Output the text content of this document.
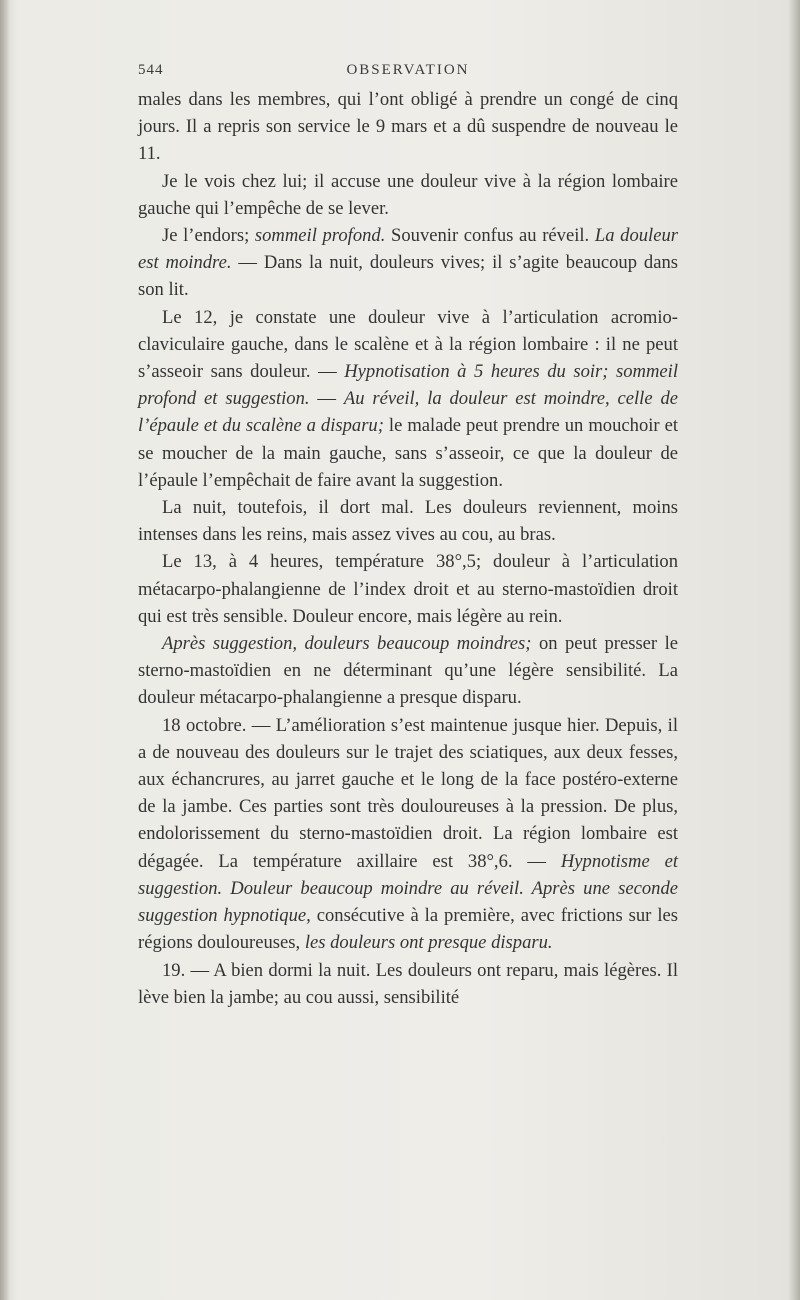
544	OBSERVATION

males dans les membres, qui l’ont obligé à prendre un congé de cinq jours. Il a repris son service le 9 mars et a dû suspendre de nouveau le 11.

Je le vois chez lui; il accuse une douleur vive à la région lombaire gauche qui l’empêche de se lever.

Je l’endors; sommeil profond. Souvenir confus au réveil. La douleur est moindre. — Dans la nuit, douleurs vives; il s’agite beaucoup dans son lit.

Le 12, je constate une douleur vive à l’articulation acromio-claviculaire gauche, dans le scalène et à la région lombaire : il ne peut s’asseoir sans douleur. — Hypnotisation à 5 heures du soir; sommeil profond et suggestion. — Au réveil, la douleur est moindre, celle de l’épaule et du scalène a disparu; le malade peut prendre un mouchoir et se moucher de la main gauche, sans s’asseoir, ce que la douleur de l’épaule l’empêchait de faire avant la suggestion.

La nuit, toutefois, il dort mal. Les douleurs reviennent, moins intenses dans les reins, mais assez vives au cou, au bras.

Le 13, à 4 heures, température 38°,5; douleur à l’articulation métacarpo-phalangienne de l’index droit et au sterno-mastoïdien droit qui est très sensible. Douleur encore, mais légère au rein.

Après suggestion, douleurs beaucoup moindres; on peut presser le sterno-mastoïdien en ne déterminant qu’une légère sensibilité. La douleur métacarpo-phalangienne a presque disparu.

18 octobre. — L’amélioration s’est maintenue jusque hier. Depuis, il a de nouveau des douleurs sur le trajet des sciatiques, aux deux fesses, aux échancrures, au jarret gauche et le long de la face postéro-externe de la jambe. Ces parties sont très douloureuses à la pression. De plus, endolorissement du sterno-mastoïdien droit. La région lombaire est dégagée. La température axillaire est 38°,6. — Hypnotisme et suggestion. Douleur beaucoup moindre au réveil. Après une seconde suggestion hypnotique, consécutive à la première, avec frictions sur les régions douloureuses, les douleurs ont presque disparu.

19. — A bien dormi la nuit. Les douleurs ont reparu, mais légères. Il lève bien la jambe; au cou aussi, sensibilité
